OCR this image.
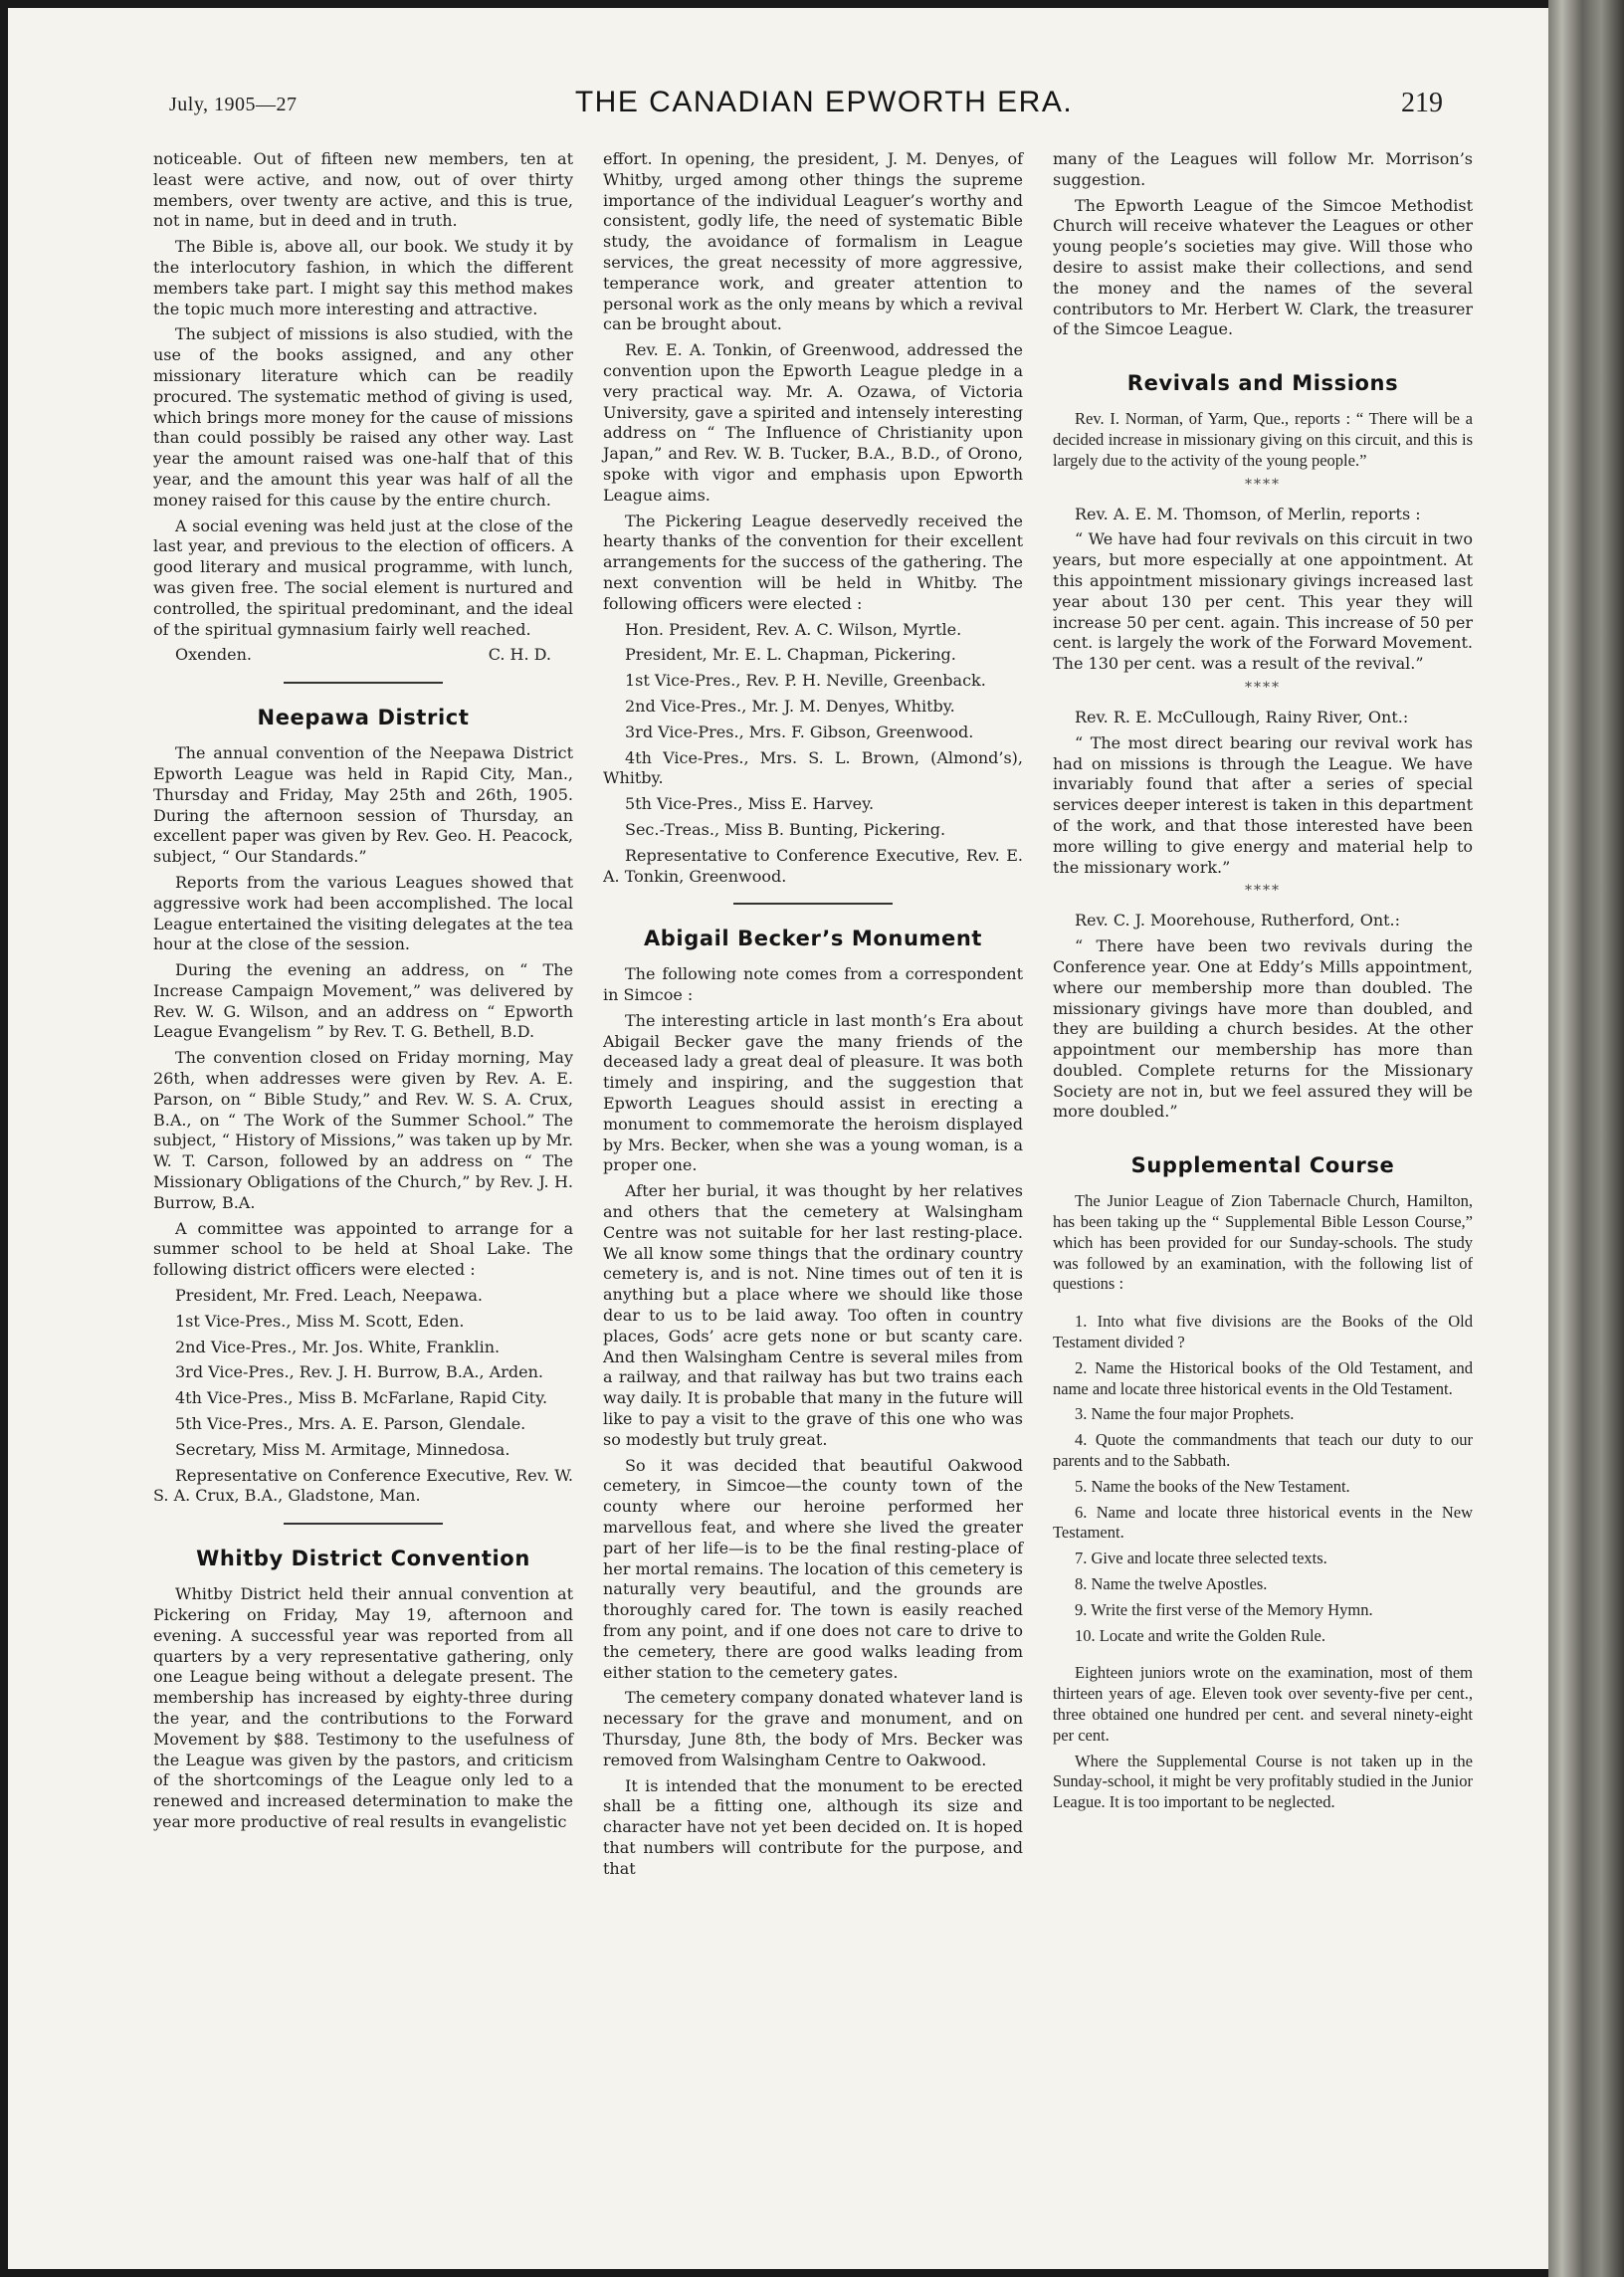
July, 1905—27	THE CANADIAN EPWORTH ERA.	219

noticeable. Out of fifteen new members, ten at least were active, and now, out of over thirty members, over twenty are active, and this is true, not in name, but in deed and in truth.

The Bible is, above all, our book. We study it by the interlocutory fashion, in which the different members take part. I might say this method makes the topic much more interesting and attractive.

The subject of missions is also studied, with the use of the books assigned, and any other missionary literature which can be readily procured. The systematic method of giving is used, which brings more money for the cause of missions than could possibly be raised any other way. Last year the amount raised was one-half that of this year, and the amount this year was half of all the money raised for this cause by the entire church.

A social evening was held just at the close of the last year, and previous to the election of officers. A good literary and musical programme, with lunch, was given free. The social element is nurtured and controlled, the spiritual predominant, and the ideal of the spiritual gymnasium fairly well reached.

Oxenden.	C. H. D.
Neepawa District

The annual convention of the Neepawa District Epworth League was held in Rapid City, Man., Thursday and Friday, May 25th and 26th, 1905. During the afternoon session of Thursday, an excellent paper was given by Rev. Geo. H. Peacock, subject, “ Our Standards.”

Reports from the various Leagues showed that aggressive work had been accomplished. The local League entertained the visiting delegates at the tea hour at the close of the session.

During the evening an address, on “ The Increase Campaign Movement,” was delivered by Rev. W. G. Wilson, and an address on “ Epworth League Evangelism ” by Rev. T. G. Bethell, B.D.

The convention closed on Friday morning, May 26th, when addresses were given by Rev. A. E. Parson, on “ Bible Study,” and Rev. W. S. A. Crux, B.A., on “ The Work of the Summer School.” The subject, “ History of Missions,” was taken up by Mr. W. T. Carson, followed by an address on “ The Missionary Obligations of the Church,” by Rev. J. H. Burrow, B.A.

A committee was appointed to arrange for a summer school to be held at Shoal Lake. The following district officers were elected :

President, Mr. Fred. Leach, Neepawa.

1st Vice-Pres., Miss M. Scott, Eden.

2nd Vice-Pres., Mr. Jos. White, Franklin.

3rd Vice-Pres., Rev. J. H. Burrow, B.A., Arden.

4th Vice-Pres., Miss B. McFarlane, Rapid City.

5th Vice-Pres., Mrs. A. E. Parson, Glendale.

Secretary, Miss M. Armitage, Minnedosa.

Representative on Conference Executive, Rev. W. S. A. Crux, B.A., Gladstone, Man.

Whitby District Convention

Whitby District held their annual convention at Pickering on Friday, May 19, afternoon and evening. A successful year was reported from all quarters by a very representative gathering, only one League being without a delegate present. The membership has increased by eighty-three during the year, and the contributions to the Forward Movement by $88. Testimony to the usefulness of the League was given by the pastors, and criticism of the shortcomings of the League only led to a renewed and increased determination to make the year more productive of real results in evangelistic

effort. In opening, the president, J. M. Denyes, of Whitby, urged among other things the supreme importance of the individual Leaguer’s worthy and consistent, godly life, the need of systematic Bible study, the avoidance of formalism in League services, the great necessity of more aggressive, temperance work, and greater attention to personal work as the only means by which a revival can be brought about.

Rev. E. A. Tonkin, of Greenwood, addressed the convention upon the Epworth League pledge in a very practical way. Mr. A. Ozawa, of Victoria University, gave a spirited and intensely interesting address on “ The Influence of Christianity upon Japan,” and Rev. W. B. Tucker, B.A., B.D., of Orono, spoke with vigor and emphasis upon Epworth League aims.

The Pickering League deservedly received the hearty thanks of the convention for their excellent arrangements for the success of the gathering. The next convention will be held in Whitby. The following officers were elected :

Hon. President, Rev. A. C. Wilson, Myrtle.

President, Mr. E. L. Chapman, Pickering.

1st Vice-Pres., Rev. P. H. Neville, Greenback.

2nd Vice-Pres., Mr. J. M. Denyes, Whitby.

3rd Vice-Pres., Mrs. F. Gibson, Greenwood.

4th Vice-Pres., Mrs. S. L. Brown, (Almond’s), Whitby.

5th Vice-Pres., Miss E. Harvey.

Sec.-Treas., Miss B. Bunting, Pickering.

Representative to Conference Executive, Rev. E. A. Tonkin, Greenwood.

Abigail Becker’s Monument

The following note comes from a correspondent in Simcoe :

The interesting article in last month’s Era about Abigail Becker gave the many friends of the deceased lady a great deal of pleasure. It was both timely and inspiring, and the suggestion that Epworth Leagues should assist in erecting a monument to commemorate the heroism displayed by Mrs. Becker, when she was a young woman, is a proper one.

After her burial, it was thought by her relatives and others that the cemetery at Walsingham Centre was not suitable for her last resting-place. We all know some things that the ordinary country cemetery is, and is not. Nine times out of ten it is anything but a place where we should like those dear to us to be laid away. Too often in country places, Gods’ acre gets none or but scanty care. And then Walsingham Centre is several miles from a railway, and that railway has but two trains each way daily. It is probable that many in the future will like to pay a visit to the grave of this one who was so modestly but truly great.

So it was decided that beautiful Oakwood cemetery, in Simcoe—the county town of the county where our heroine performed her marvellous feat, and where she lived the greater part of her life—is to be the final resting-place of her mortal remains. The location of this cemetery is naturally very beautiful, and the grounds are thoroughly cared for. The town is easily reached from any point, and if one does not care to drive to the cemetery, there are good walks leading from either station to the cemetery gates.

The cemetery company donated whatever land is necessary for the grave and monument, and on Thursday, June 8th, the body of Mrs. Becker was removed from Walsingham Centre to Oakwood.

It is intended that the monument to be erected shall be a fitting one, although its size and character have not yet been decided on. It is hoped that numbers will contribute for the purpose, and that

many of the Leagues will follow Mr. Morrison’s suggestion.

The Epworth League of the Simcoe Methodist Church will receive whatever the Leagues or other young people’s societies may give. Will those who desire to assist make their collections, and send the money and the names of the several contributors to Mr. Herbert W. Clark, the treasurer of the Simcoe League.

Revivals and Missions

Rev. I. Norman, of Yarm, Que., reports : “ There will be a decided increase in missionary giving on this circuit, and this is largely due to the activity of the young people.”

****

Rev. A. E. M. Thomson, of Merlin, reports :

“ We have had four revivals on this circuit in two years, but more especially at one appointment. At this appointment missionary givings increased last year about 130 per cent. This year they will increase 50 per cent. again. This increase of 50 per cent. is largely the work of the Forward Movement. The 130 per cent. was a result of the revival.”

****

Rev. R. E. McCullough, Rainy River, Ont.:

“ The most direct bearing our revival work has had on missions is through the League. We have invariably found that after a series of special services deeper interest is taken in this department of the work, and that those interested have been more willing to give energy and material help to the missionary work.”

****

Rev. C. J. Moorehouse, Rutherford, Ont.:

“ There have been two revivals during the Conference year. One at Eddy’s Mills appointment, where our membership more than doubled. The missionary givings have more than doubled, and they are building a church besides. At the other appointment our membership has more than doubled. Complete returns for the Missionary Society are not in, but we feel assured they will be more doubled.”

Supplemental Course

The Junior League of Zion Tabernacle Church, Hamilton, has been taking up the “ Supplemental Bible Lesson Course,” which has been provided for our Sunday-schools. The study was followed by an examination, with the following list of questions :

1. Into what five divisions are the Books of the Old Testament divided ?

2. Name the Historical books of the Old Testament, and name and locate three historical events in the Old Testament.

3. Name the four major Prophets.

4. Quote the commandments that teach our duty to our parents and to the Sabbath.

5. Name the books of the New Testament.

6. Name and locate three historical events in the New Testament.

7. Give and locate three selected texts.

8. Name the twelve Apostles.

9. Write the first verse of the Memory Hymn.

10. Locate and write the Golden Rule.

Eighteen juniors wrote on the examination, most of them thirteen years of age. Eleven took over seventy-five per cent., three obtained one hundred per cent. and several ninety-eight per cent.

Where the Supplemental Course is not taken up in the Sunday-school, it might be very profitably studied in the Junior League. It is too important to be neglected.
